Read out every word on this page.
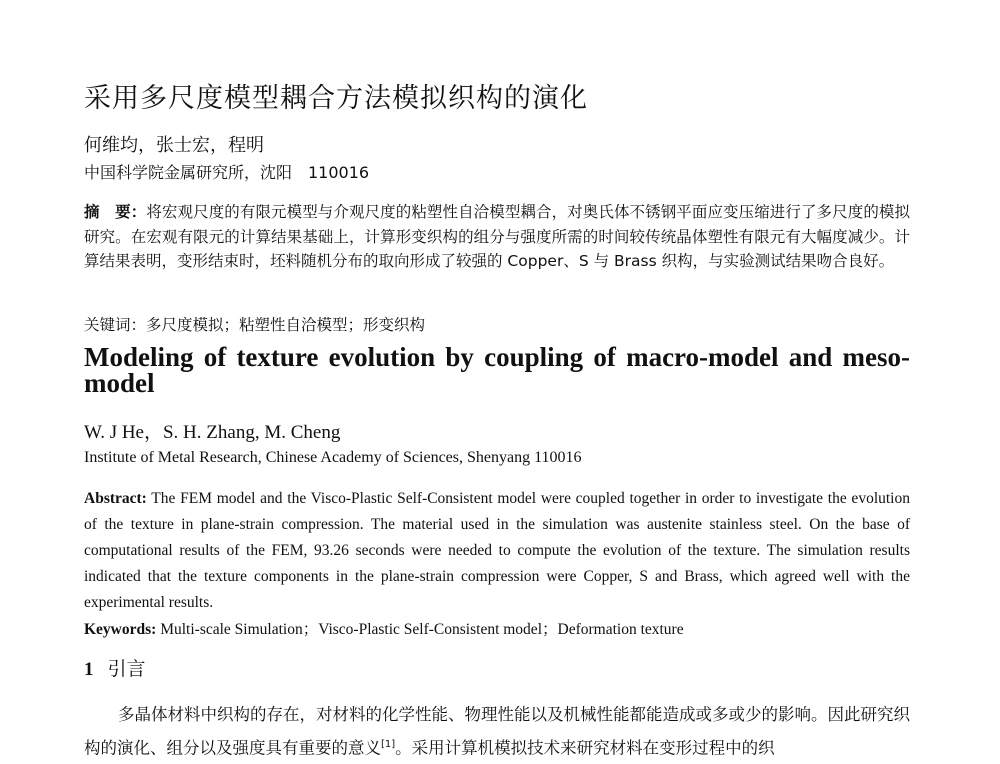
采用多尺度模型耦合方法模拟织构的演化
何维均，张士宏，程明
中国科学院金属研究所，沈阳　110016
摘　要：将宏观尺度的有限元模型与介观尺度的粘塑性自洽模型耦合，对奥氏体不锈钢平面应变压缩进行了多尺度的模拟研究。在宏观有限元的计算结果基础上，计算形变织构的组分与强度所需的时间较传统晶体塑性有限元有大幅度减少。计算结果表明，变形结束时，坯料随机分布的取向形成了较强的 Copper、S 与 Brass 织构，与实验测试结果吻合良好。
关键词：多尺度模拟；粘塑性自洽模型；形变织构
Modeling of texture evolution by coupling of macro-model and meso-model
W. J He，S. H. Zhang, M. Cheng
Institute of Metal Research, Chinese Academy of Sciences, Shenyang 110016
Abstract: The FEM model and the Visco-Plastic Self-Consistent model were coupled together in order to investigate the evolution of the texture in plane-strain compression. The material used in the simulation was austenite stainless steel. On the base of computational results of the FEM, 93.26 seconds were needed to compute the evolution of the texture. The simulation results indicated that the texture components in the plane-strain compression were Copper, S and Brass, which agreed well with the experimental results.
Keywords: Multi-scale Simulation；Visco-Plastic Self-Consistent model；Deformation texture
1 引言
多晶体材料中织构的存在，对材料的化学性能、物理性能以及机械性能都能造成或多或少的影响。因此研究织构的演化、组分以及强度具有重要的意义[1]。采用计算机模拟技术来研究材料在变形过程中的织
